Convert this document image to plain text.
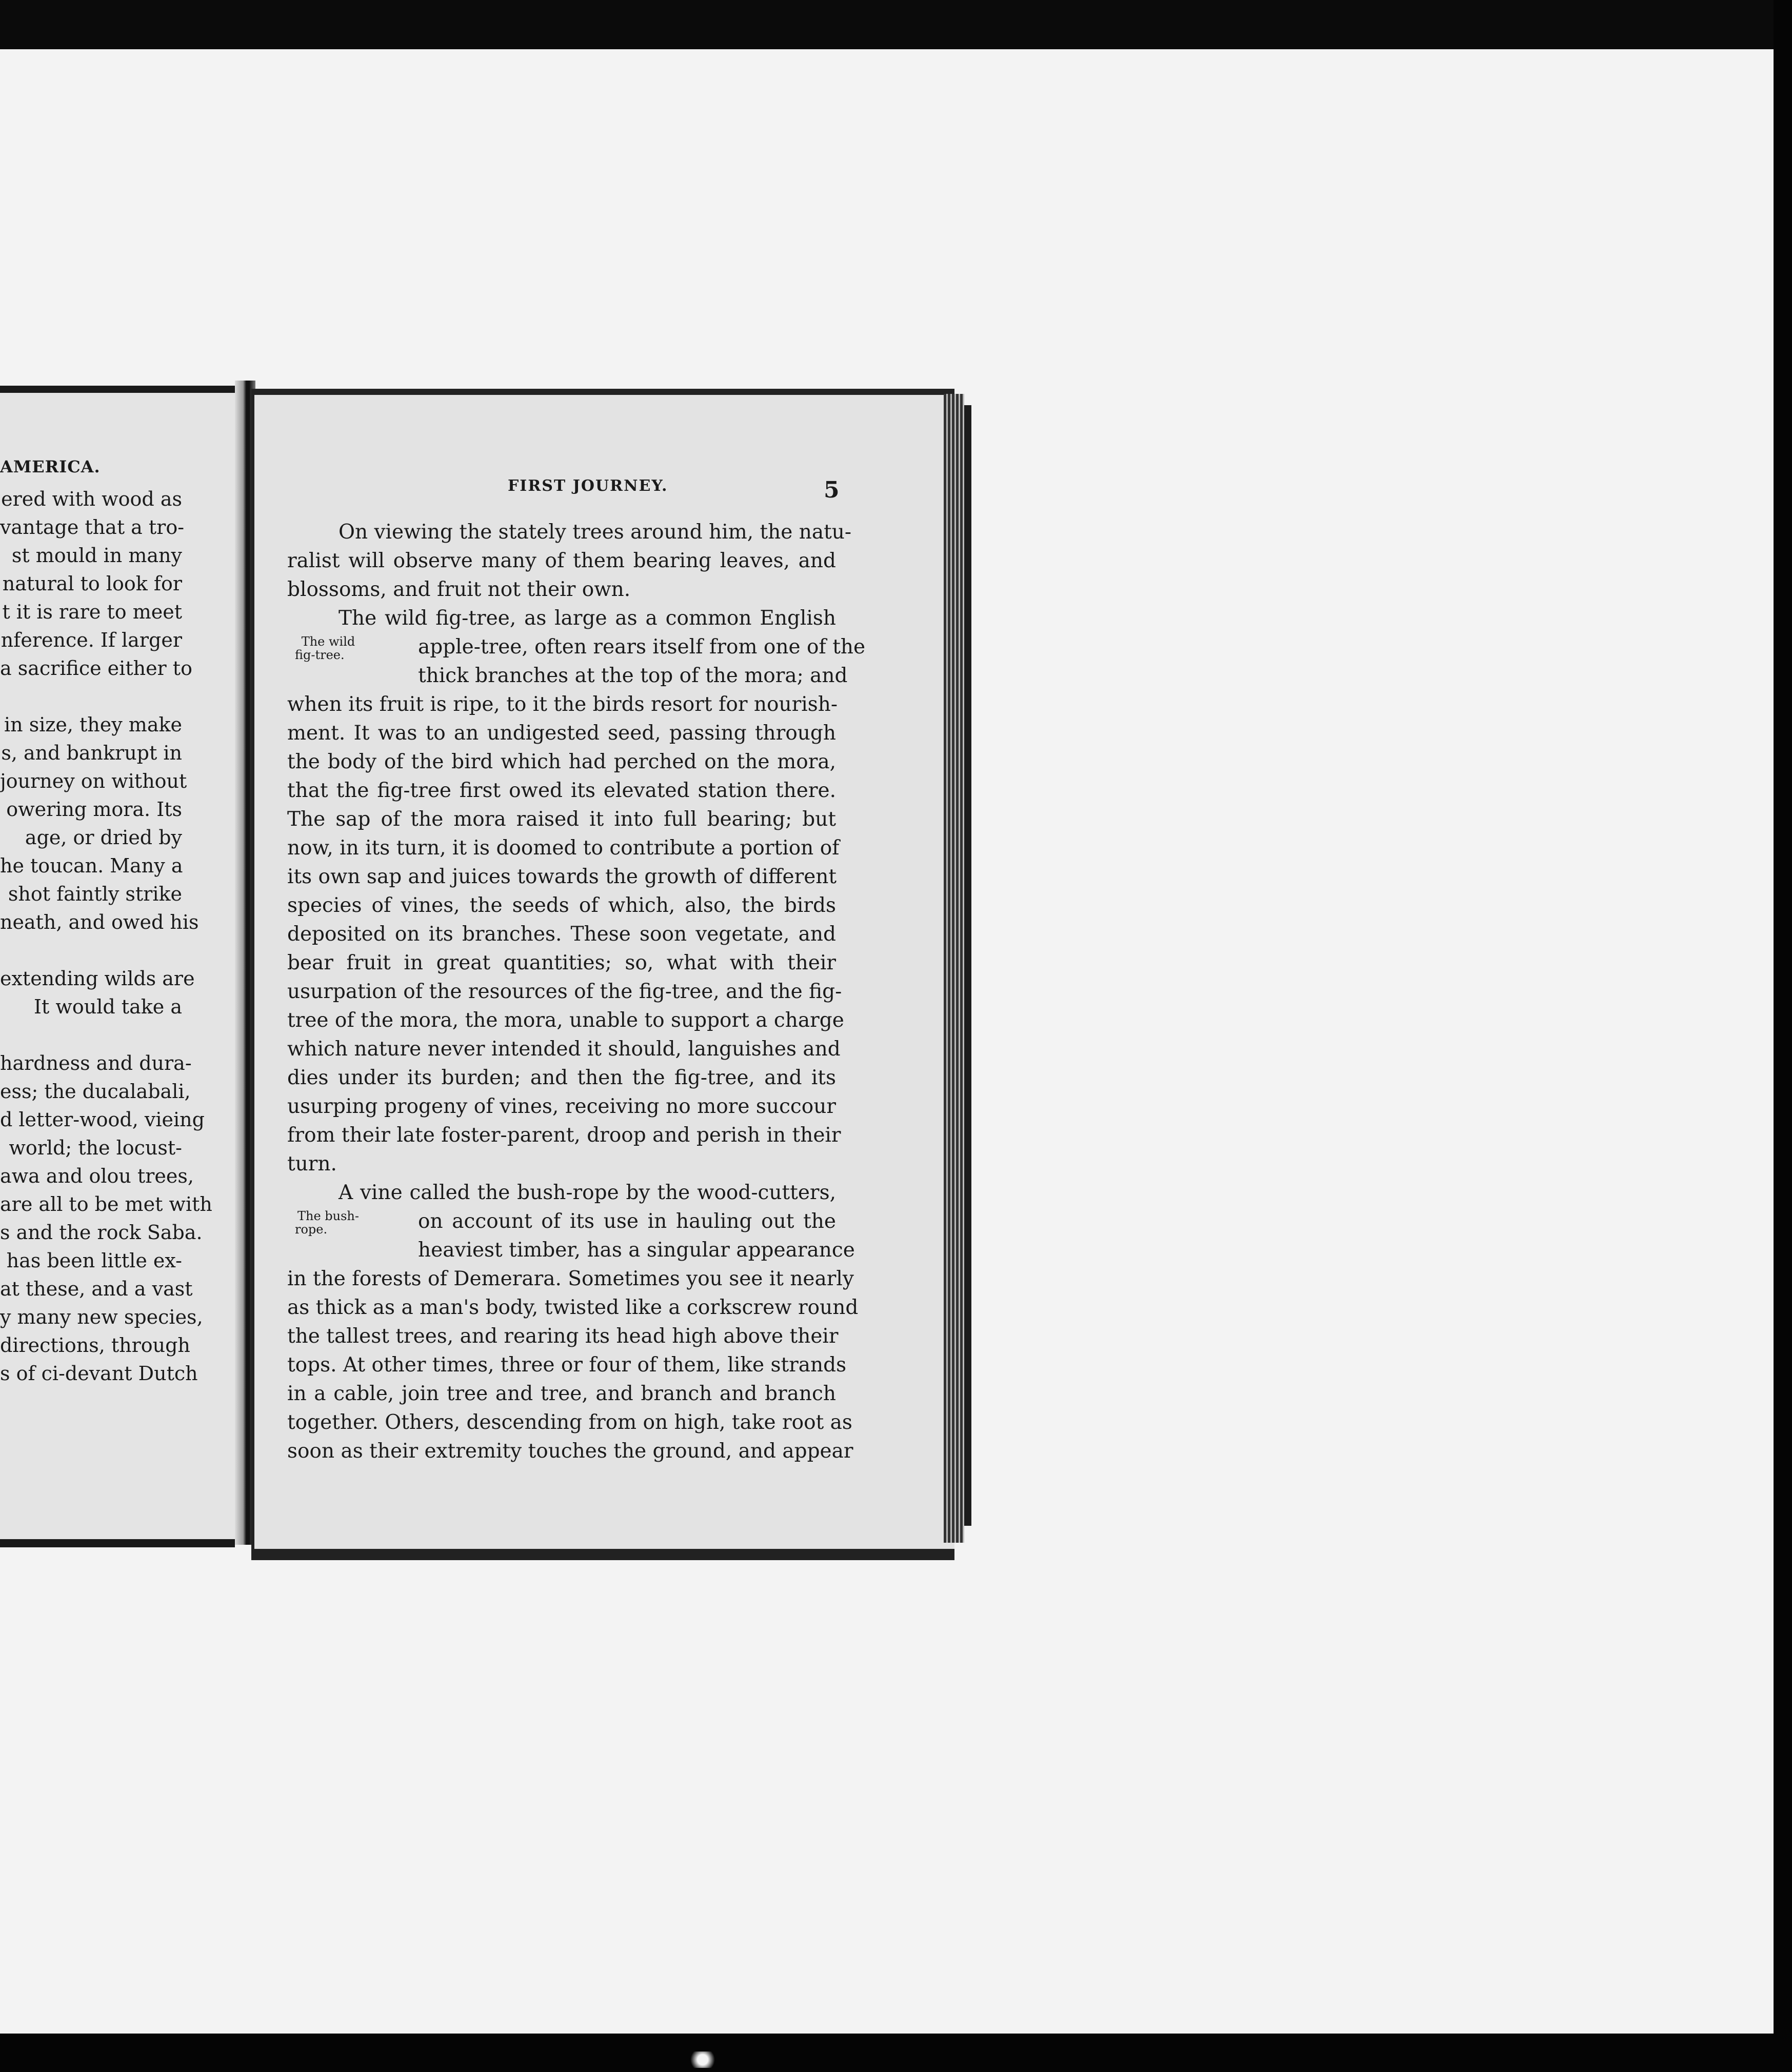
AMERICA.
ered with wood as
vantage that a tro-
st mould in many
natural to look for
t it is rare to meet
nference. If larger
a sacrifice either to
in size, they make
s, and bankrupt in
journey on without
owering mora. Its
age, or dried by
he toucan. Many a
shot faintly strike
neath, and owed his
extending wilds are
It would take a
hardness and dura-
ess; the ducalabali,
d letter-wood, vieing
world; the locust-
awa and olou trees,
are all to be met with
s and the rock Saba.
has been little ex-
at these, and a vast
y many new species,
directions, through
s of ci-devant Dutch
FIRST JOURNEY.	5
On viewing the stately trees around him, the natu-
ralist will observe many of them bearing leaves, and
blossoms, and fruit not their own.
The wild fig-tree, as large as a common English
The wild fig-tree.	apple-tree, often rears itself from one of the
thick branches at the top of the mora; and
when its fruit is ripe, to it the birds resort for nourish-
ment. It was to an undigested seed, passing through
the body of the bird which had perched on the mora,
that the fig-tree first owed its elevated station there.
The sap of the mora raised it into full bearing; but
now, in its turn, it is doomed to contribute a portion of
its own sap and juices towards the growth of different
species of vines, the seeds of which, also, the birds
deposited on its branches. These soon vegetate, and
bear fruit in great quantities; so, what with their
usurpation of the resources of the fig-tree, and the fig-
tree of the mora, the mora, unable to support a charge
which nature never intended it should, languishes and
dies under its burden; and then the fig-tree, and its
usurping progeny of vines, receiving no more succour
from their late foster-parent, droop and perish in their
turn.
A vine called the bush-rope by the wood-cutters,
The bush-rope.	on account of its use in hauling out the
heaviest timber, has a singular appearance
in the forests of Demerara. Sometimes you see it nearly
as thick as a man's body, twisted like a corkscrew round
the tallest trees, and rearing its head high above their
tops. At other times, three or four of them, like strands
in a cable, join tree and tree, and branch and branch
together. Others, descending from on high, take root as
soon as their extremity touches the ground, and appear
